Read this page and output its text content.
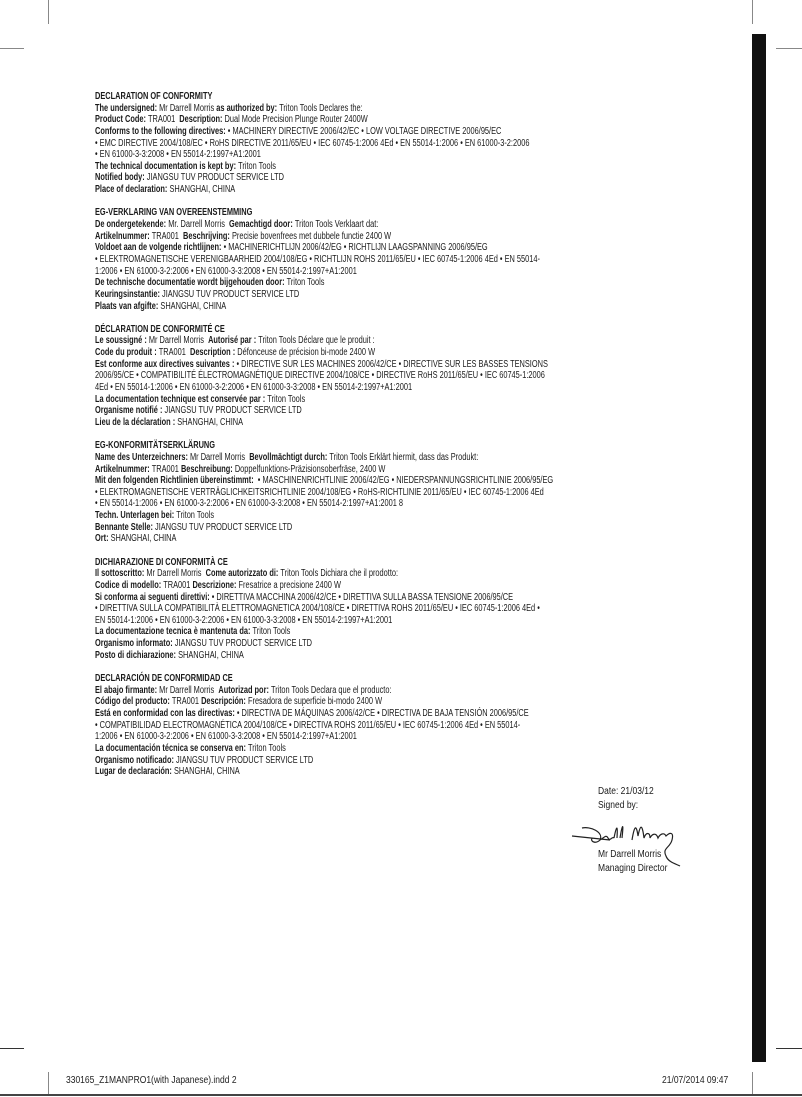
DECLARATION OF CONFORMITY
The undersigned: Mr Darrell Morris as authorized by: Triton Tools Declares the:
Product Code: TRA001  Description: Dual Mode Precision Plunge Router 2400W
Conforms to the following directives: • MACHINERY DIRECTIVE 2006/42/EC • LOW VOLTAGE DIRECTIVE 2006/95/EC
• EMC DIRECTIVE 2004/108/EC • RoHS DIRECTIVE 2011/65/EU • IEC 60745-1:2006 4Ed • EN 55014-1:2006 • EN 61000-3-2:2006
• EN 61000-3-3:2008 • EN 55014-2:1997+A1:2001
The technical documentation is kept by: Triton Tools
Notified body: JIANGSU TUV PRODUCT SERVICE LTD
Place of declaration: SHANGHAI, CHINA
EG-VERKLARING VAN OVEREENSTEMMING
De ondergetekende: Mr. Darrell Morris  Gemachtigd door: Triton Tools Verklaart dat:
Artikelnummer: TRA001  Beschrijving: Precisie bovenfrees met dubbele functie 2400 W
Voldoet aan de volgende richtlijnen: • MACHINERICHTLIJN 2006/42/EG • RICHTLIJN LAAGSPANNING 2006/95/EG
• ELEKTROMAGNETISCHE VERENIGBAARHEID 2004/108/EG • RICHTLIJN ROHS 2011/65/EU • IEC 60745-1:2006 4Ed • EN 55014-
1:2006 • EN 61000-3-2:2006 • EN 61000-3-3:2008 • EN 55014-2:1997+A1:2001
De technische documentatie wordt bijgehouden door: Triton Tools
Keuringsinstantie: JIANGSU TUV PRODUCT SERVICE LTD
Plaats van afgifte: SHANGHAI, CHINA
DÉCLARATION DE CONFORMITÉ CE
Le soussigné : Mr Darrell Morris  Autorisé par : Triton Tools Déclare que le produit :
Code du produit : TRA001  Description : Défonceuse de précision bi-mode 2400 W
Est conforme aux directives suivantes : • DIRECTIVE SUR LES MACHINES 2006/42/CE • DIRECTIVE SUR LES BASSES TENSIONS
2006/95/CE • COMPATIBILITÉ ÉLECTROMAGNÉTIQUE DIRECTIVE 2004/108/CE • DIRECTIVE RoHS 2011/65/EU • IEC 60745-1:2006
4Ed • EN 55014-1:2006 • EN 61000-3-2:2006 • EN 61000-3-3:2008 • EN 55014-2:1997+A1:2001
La documentation technique est conservée par : Triton Tools
Organisme notifié : JIANGSU TUV PRODUCT SERVICE LTD
Lieu de la déclaration : SHANGHAI, CHINA
EG-KONFORMITÄTSERKLÄRUNG
Name des Unterzeichners: Mr Darrell Morris  Bevollmächtigt durch: Triton Tools Erklärt hiermit, dass das Produkt:
Artikelnummer: TRA001 Beschreibung: Doppelfunktions-Präzisionsoberfräse, 2400 W
Mit den folgenden Richtlinien übereinstimmt:  • MASCHINENRICHTLINIE 2006/42/EG • NIEDERSPANNUNGSRICHTLINIE 2006/95/EG
• ELEKTROMAGNETISCHE VERTRÄGLICHKEITSRICHTLINIE 2004/108/EG • RoHS-RICHTLINIE 2011/65/EU • IEC 60745-1:2006 4Ed
• EN 55014-1:2006 • EN 61000-3-2:2006 • EN 61000-3-3:2008 • EN 55014-2:1997+A1:2001 8
Techn. Unterlagen bei: Triton Tools
Bennante Stelle: JIANGSU TUV PRODUCT SERVICE LTD
Ort: SHANGHAI, CHINA
DICHIARAZIONE DI CONFORMITÀ CE
Il sottoscritto: Mr Darrell Morris  Come autorizzato di: Triton Tools Dichiara che il prodotto:
Codice di modello: TRA001 Descrizione: Fresatrice a precisione 2400 W
Si conforma ai seguenti direttivi: • DIRETTIVA MACCHINA 2006/42/CE • DIRETTIVA SULLA BASSA TENSIONE 2006/95/CE
• DIRETTIVA SULLA COMPATIBILITÀ ELETTROMAGNETICA 2004/108/CE • DIRETTIVA ROHS 2011/65/EU • IEC 60745-1:2006 4Ed •
EN 55014-1:2006 • EN 61000-3-2:2006 • EN 61000-3-3:2008 • EN 55014-2:1997+A1:2001
La documentazione tecnica è mantenuta da: Triton Tools
Organismo informato: JIANGSU TUV PRODUCT SERVICE LTD
Posto di dichiarazione: SHANGHAI, CHINA
DECLARACIÓN DE CONFORMIDAD CE
El abajo firmante: Mr Darrell Morris  Autorizad por: Triton Tools Declara que el producto:
Código del producto: TRA001 Descripción: Fresadora de superficie bi-modo 2400 W
Está en conformidad con las directivas: • DIRECTIVA DE MÁQUINAS 2006/42/CE • DIRECTIVA DE BAJA TENSIÓN 2006/95/CE
• COMPATIBILIDAD ELECTROMAGNÉTICA 2004/108/CE • DIRECTIVA ROHS 2011/65/EU • IEC 60745-1:2006 4Ed • EN 55014-
1:2006 • EN 61000-3-2:2006 • EN 61000-3-3:2008 • EN 55014-2:1997+A1:2001
La documentación técnica se conserva en: Triton Tools
Organismo notificado: JIANGSU TUV PRODUCT SERVICE LTD
Lugar de declaración: SHANGHAI, CHINA
Date: 21/03/12
Signed by:
Mr Darrell Morris
Managing Director
330165_Z1MANPRO1(with Japanese).indd 2	21/07/2014 09:47
